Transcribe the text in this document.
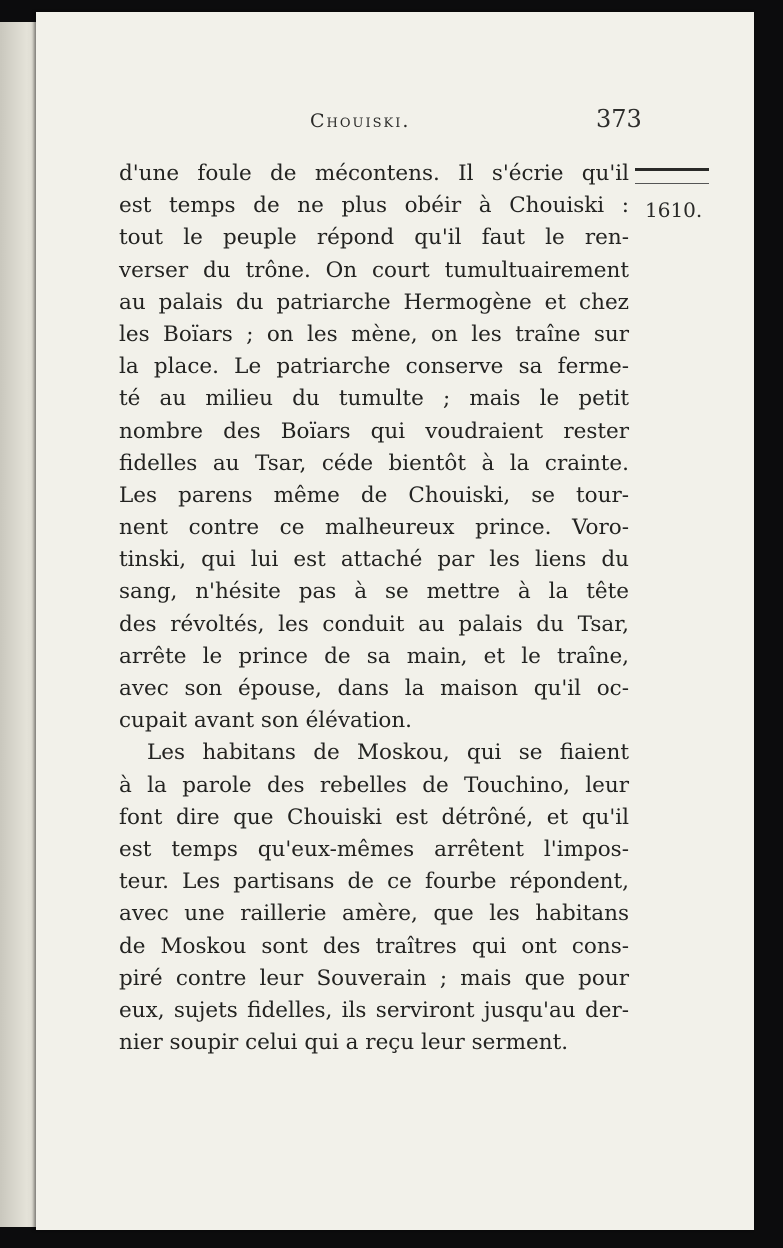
Chouiski.	373
1610.
d'une foule de mécontens. Il s'écrie qu'il
est temps de ne plus obéir à Chouiski :
tout le peuple répond qu'il faut le ren-
verser du trône. On court tumultuairement
au palais du patriarche Hermogène et chez
les Boïars ; on les mène, on les traîne sur
la place. Le patriarche conserve sa ferme-
té au milieu du tumulte ; mais le petit
nombre des Boïars qui voudraient rester
fidelles au Tsar, céde bientôt à la crainte.
Les parens même de Chouiski, se tour-
nent contre ce malheureux prince. Voro-
tinski, qui lui est attaché par les liens du
sang, n'hésite pas à se mettre à la tête
des révoltés, les conduit au palais du Tsar,
arrête le prince de sa main, et le traîne,
avec son épouse, dans la maison qu'il oc-
cupait avant son élévation.
Les habitans de Moskou, qui se fiaient
à la parole des rebelles de Touchino, leur
font dire que Chouiski est détrôné, et qu'il
est temps qu'eux-mêmes arrêtent l'impos-
teur. Les partisans de ce fourbe répondent,
avec une raillerie amère, que les habitans
de Moskou sont des traîtres qui ont cons-
piré contre leur Souverain ; mais que pour
eux, sujets fidelles, ils serviront jusqu'au der-
nier soupir celui qui a reçu leur serment.
